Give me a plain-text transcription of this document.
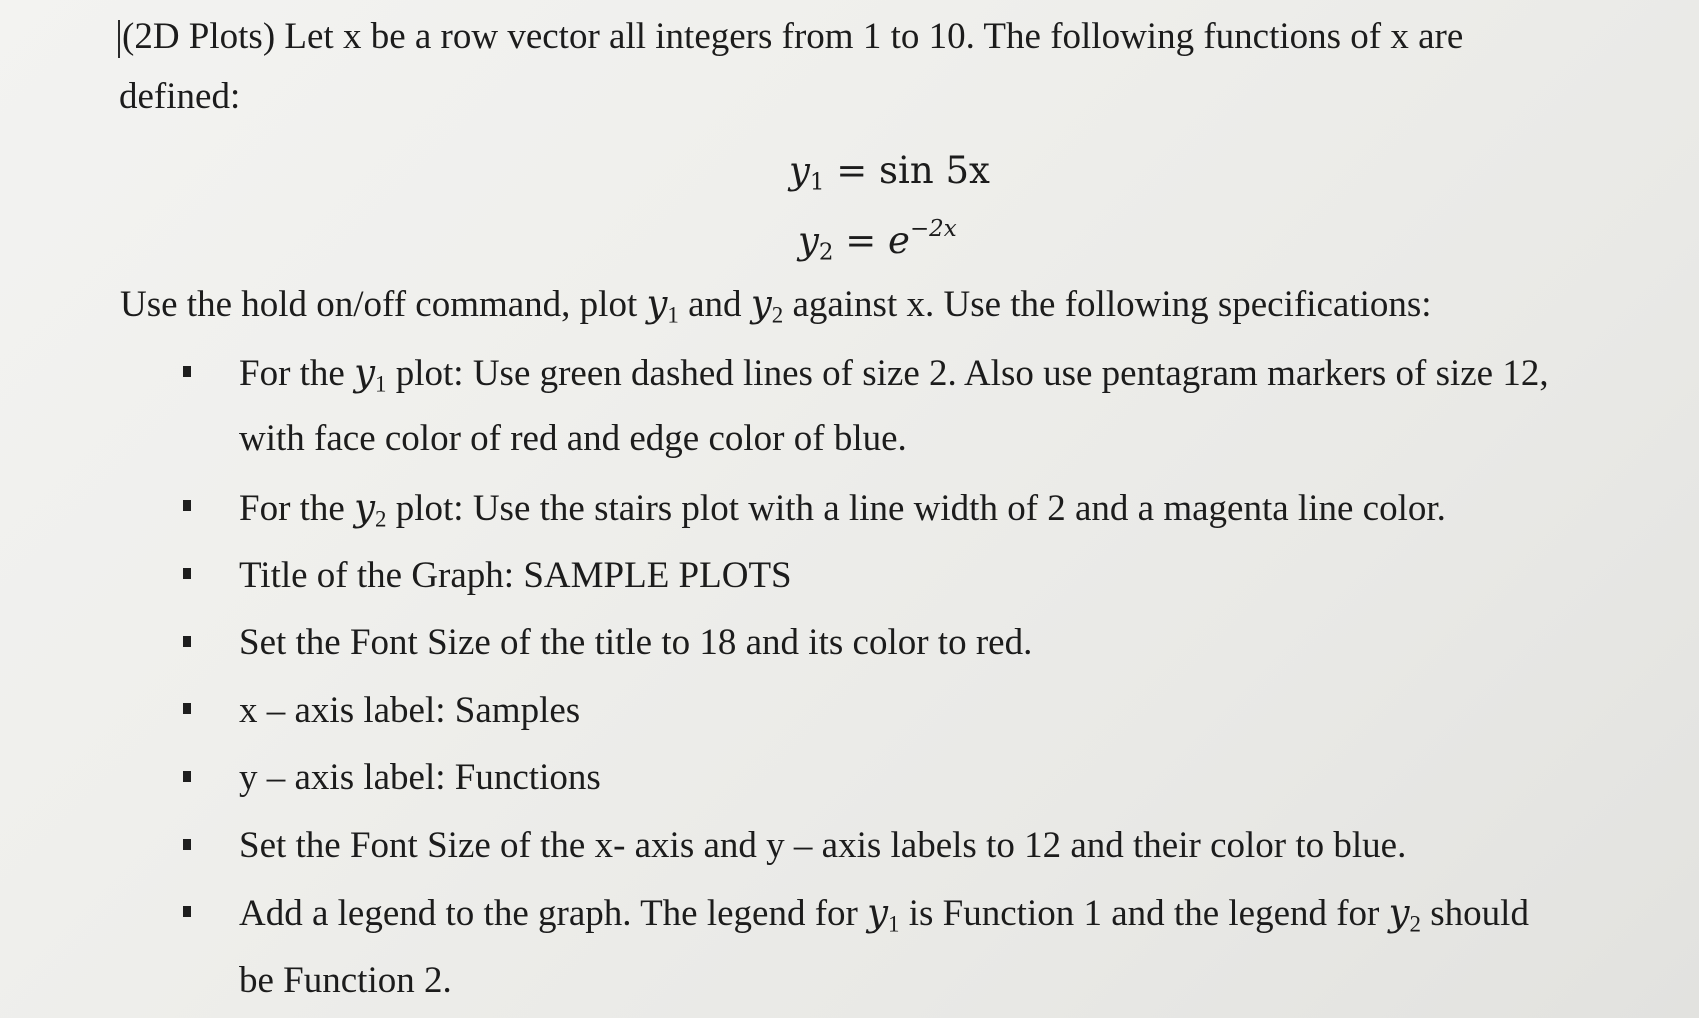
(2D Plots) Let x be a row vector all integers from 1 to 10. The following functions of x are
defined:
$y_1 = \sin 5x$
$y_2 = e^{-2x}$
Use the hold on/off command, plot $y_1$ and $y_2$ against x. Use the following specifications:
For the $y_1$ plot: Use green dashed lines of size 2. Also use pentagram markers of size 12,
with face color of red and edge color of blue.
For the $y_2$ plot: Use the stairs plot with a line width of 2 and a magenta line color.
Title of the Graph: SAMPLE PLOTS
Set the Font Size of the title to 18 and its color to red.
x – axis label: Samples
y – axis label: Functions
Set the Font Size of the x- axis and y – axis labels to 12 and their color to blue.
Add a legend to the graph. The legend for $y_1$ is Function 1 and the legend for $y_2$ should
be Function 2.
